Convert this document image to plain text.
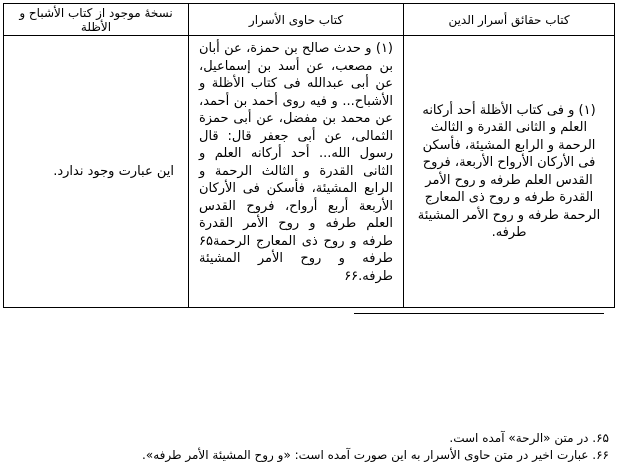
کتاب حقائق أسرار الدين
(۱) و فی کتاب الأظلة أحد أرکانه العلم و الثانی القدرة و الثالث الرحمة و الرابع المشیئة، فأسکن فی الأرکان الأرواح الأربعة، فروح القدس العلم طرفه و روح الأمر القدرة طرفه و روح ذی المعارج الرحمة طرفه و روح الأمر المشیئة طرفه.
کتاب حاوی الأسرار
(۱) و حدث صالح بن حمزة، عن أبان بن مصعب، عن أسد بن إسماعیل، عن أبی عبدالله فی کتاب الأظلة و الأشباح... و فیه روی أحمد بن أحمد، عن محمد بن مفضل، عن أبی حمزة الثمالی، عن أبی جعفر قال: قال رسول الله... أحد أرکانه العلم و الثانی القدرة و الثالث الرحمة و الرابع المشیئة، فأسکن فی الأرکان الأربعة أربع أرواح، فروح القدس العلم طرفه و روح الأمر القدرة طرفه و روح ذی المعارج الرحمة۶۵ طرفه و روح الأمر المشیئة طرفه.۶۶
نسخهٔ موجود از کتاب الأشباح و الأظلة
این عبارت وجود ندارد.
۶۵. در متن «الرحة» آمده است.
۶۶. عبارت اخیر در متن حاوی الأسرار به این صورت آمده است: «و روح المشیئة الأمر طرفه».
